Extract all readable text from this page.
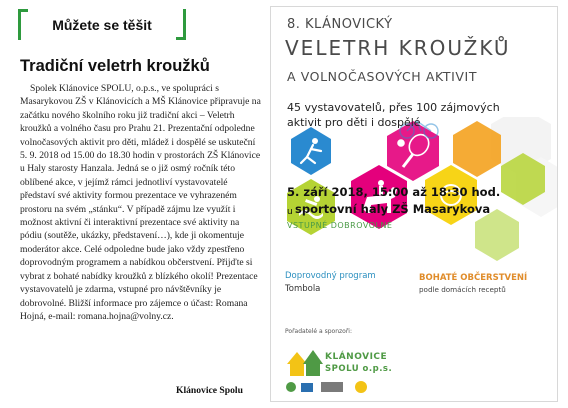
Můžete se těšit
Tradiční veletrh kroužků

Spolek Klánovice SPOLU, o.p.s., ve spolupráci s Masarykovou ZŠ v Klánovicích a MŠ Klánovice připravuje na začátku nového školního roku již tradiční akci – Veletrh kroužků a volného času pro Prahu 21. Prezentační odpoledne volnočasových aktivit pro děti, mládež i dospělé se uskuteční 5. 9. 2018 od 15.00 do 18.30 hodin v prostorách ZŠ Klánovice u Haly starosty Hanzala. Jedná se o již osmý ročník této oblíbené akce, v jejímž rámci jednotliví vystavovatelé představí své aktivity formou prezentace ve vyhrazeném prostoru na svém „stánku“. V případě zájmu lze využít i možnost aktivní či interaktivní prezentace své aktivity na pódiu (soutěže, ukázky, představení…), kde ji okomentuje moderátor akce. Celé odpoledne bude jako vždy zpestřeno doprovodným programem a nabídkou občerstvení. Přijďte si vybrat z bohaté nabídky kroužků z blízkého okolí! Prezentace vystavovatelů je zdarma, vstupné pro návštěvníky je dobrovolné. Bližší informace pro zájemce o účast: Romana Hojná, e-mail: romana.hojna@volny.cz.

Klánovice Spolu
8. KLÁNOVICKÝ
VELETRH KROUŽKŮ
A VOLNOČASOVÝCH AKTIVIT
45 vystavovatelů, přes 100 zájmových aktivit pro děti i dospělé
5. září 2018, 15:00 až 18:30 hod.
u sportovní haly ZŠ Masarykova
VSTUPNÉ DOBROVOLNÉ
Doprovodný program
Tombola
BOHATÉ OBČERSTVENÍ
podle domácích receptů
Pořadatelé a sponzoři:
KLÁNOVICE
SPOLU o.p.s.
